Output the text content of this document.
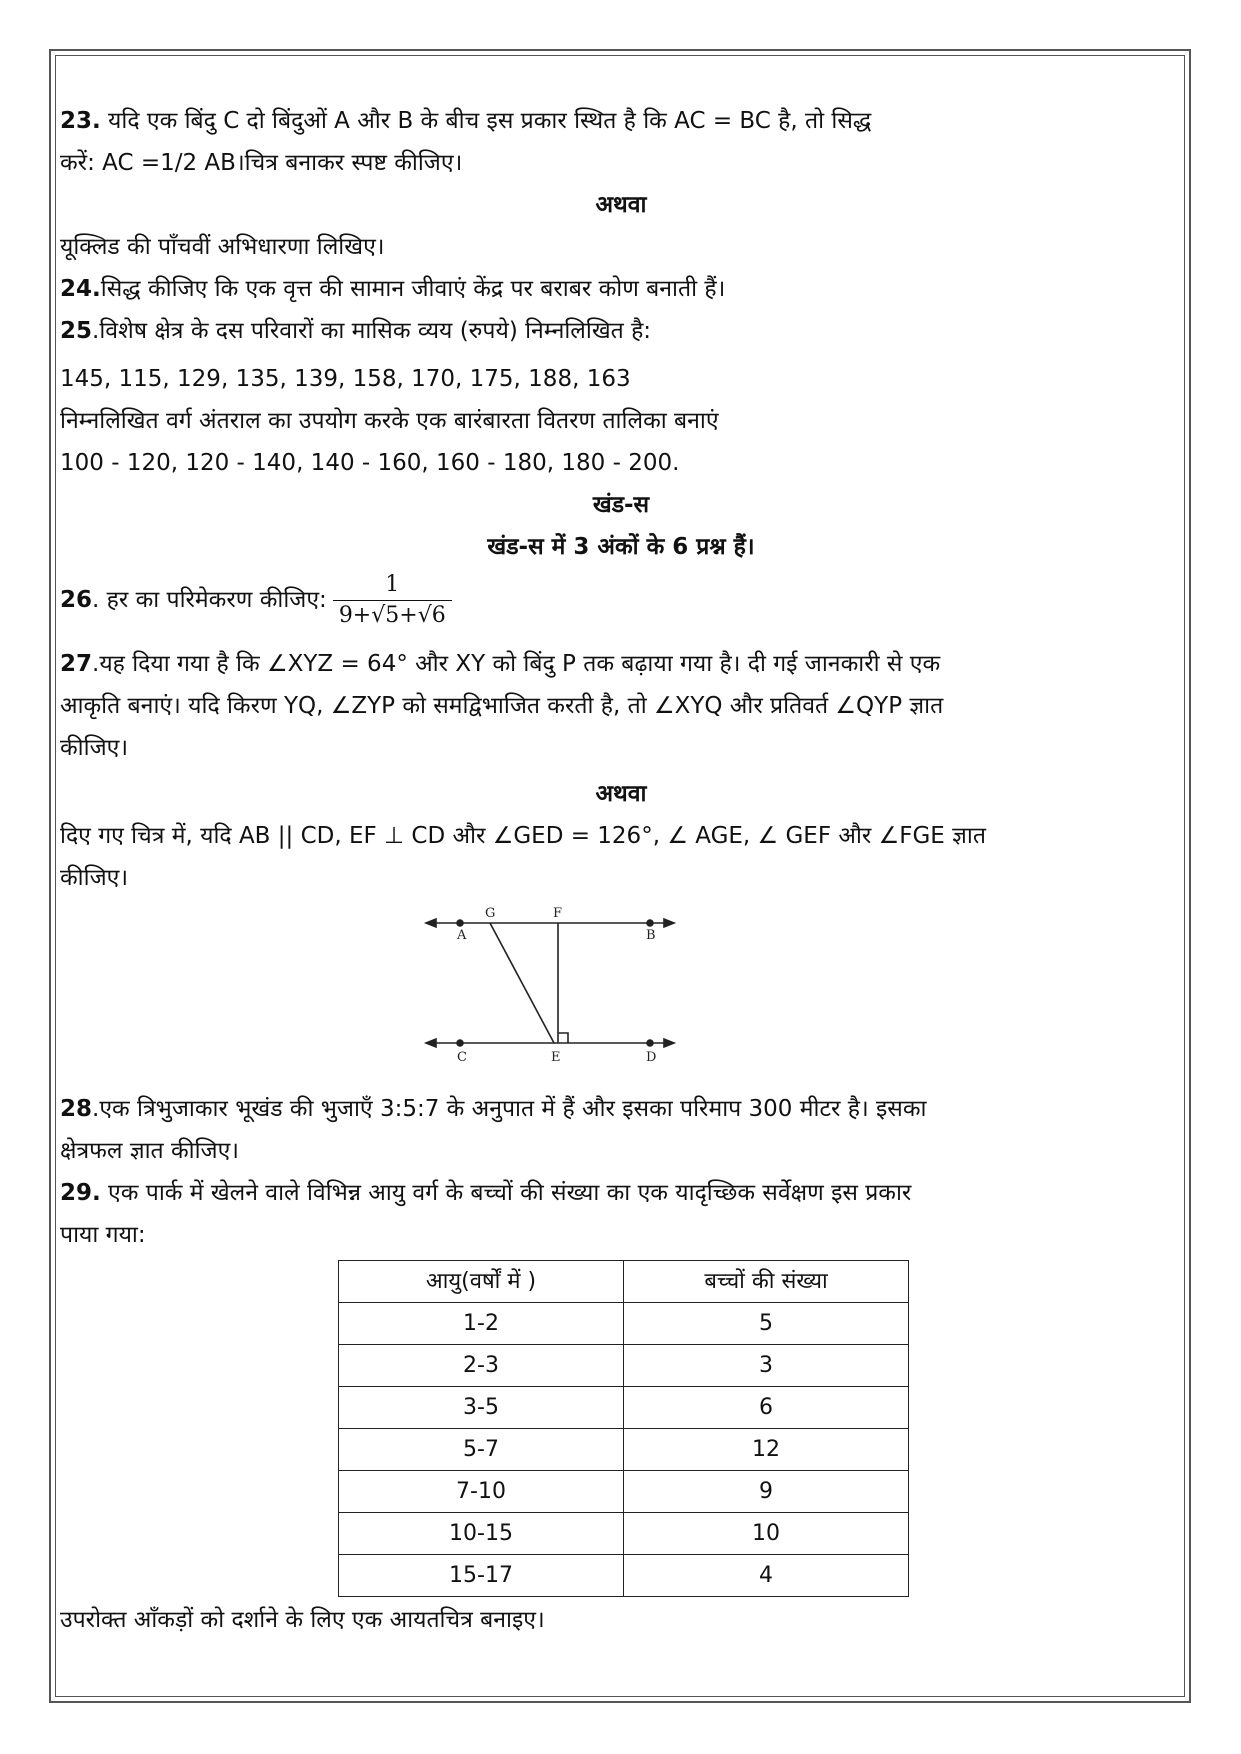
23. यदि एक बिंदु C दो बिंदुओं A और B के बीच इस प्रकार स्थित है कि AC = BC है, तो सिद्ध

करें: AC =1/2 AB।चित्र बनाकर स्पष्ट कीजिए।

अथवा

यूक्लिड की पाँचवीं अभिधारणा लिखिए।

24.सिद्ध कीजिए कि एक वृत्त की सामान जीवाएं केंद्र पर बराबर कोण बनाती हैं।

25.विशेष क्षेत्र के दस परिवारों का मासिक व्यय (रुपये) निम्नलिखित है:

145, 115, 129, 135, 139, 158, 170, 175, 188, 163

निम्नलिखित वर्ग अंतराल का उपयोग करके एक बारंबारता वितरण तालिका बनाएं

100 - 120, 120 - 140, 140 - 160, 160 - 180, 180 - 200.

खंड-स

खंड-स में 3 अंकों के 6 प्रश्न हैं।

26. हर का परिमेकरण कीजिए: $\frac{1}{9+√5+√6}$

27.यह दिया गया है कि ∠XYZ = 64° और XY को बिंदु P तक बढ़ाया गया है। दी गई जानकारी से एक

आकृति बनाएं। यदि किरण YQ, ∠ZYP को समद्विभाजित करती है, तो ∠XYQ और प्रतिवर्त ∠QYP ज्ञात

कीजिए।

अथवा

दिए गए चित्र में, यदि AB || CD, EF ⊥ CD और ∠GED = 126°, ∠ AGE, ∠ GEF और ∠FGE ज्ञात

कीजिए।

A	B
C	D
E
F
G

28.एक त्रिभुजाकार भूखंड की भुजाएँ 3:5:7 के अनुपात में हैं और इसका परिमाप 300 मीटर है। इसका

क्षेत्रफल ज्ञात कीजिए।

29. एक पार्क में खेलने वाले विभिन्न आयु वर्ग के बच्चों की संख्या का एक यादृच्छिक सर्वेक्षण इस प्रकार

पाया गया:

आयु(वर्षों में )	बच्चों की संख्या
1-2	5
2-3	3
3-5	6
5-7	12
7-10	9
10-15	10
15-17	4

उपरोक्त आँकड़ों को दर्शाने के लिए एक आयतचित्र बनाइए।
